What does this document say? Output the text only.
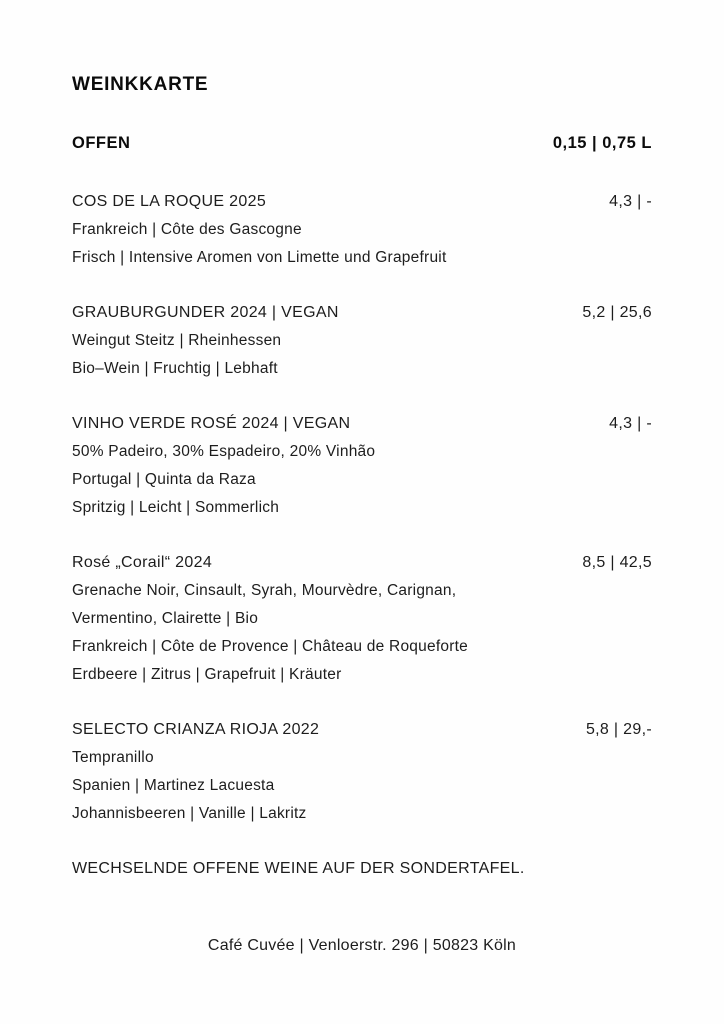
WEINKKARTE
OFFEN	0,15 | 0,75 L
COS DE LA ROQUE 2025	4,3 | -
Frankreich | Côte des Gascogne
Frisch | Intensive Aromen von Limette und Grapefruit
GRAUBURGUNDER 2024 | VEGAN	5,2 | 25,6
Weingut Steitz | Rheinhessen
Bio–Wein | Fruchtig | Lebhaft
VINHO VERDE ROSÉ 2024 | VEGAN	4,3 | -
50% Padeiro, 30% Espadeiro, 20% Vinhão
Portugal | Quinta da Raza
Spritzig | Leicht | Sommerlich
Rosé „Corail“ 2024	8,5 | 42,5
Grenache Noir, Cinsault, Syrah, Mourvèdre, Carignan,
Vermentino, Clairette | Bio
Frankreich | Côte de Provence | Château de Roqueforte
Erdbeere | Zitrus | Grapefruit | Kräuter
SELECTO CRIANZA RIOJA 2022	5,8 | 29,-
Tempranillo
Spanien | Martinez Lacuesta
Johannisbeeren | Vanille | Lakritz

WECHSELNDE OFFENE WEINE AUF DER SONDERTAFEL.

Café Cuvée | Venloerstr. 296 | 50823 Köln
